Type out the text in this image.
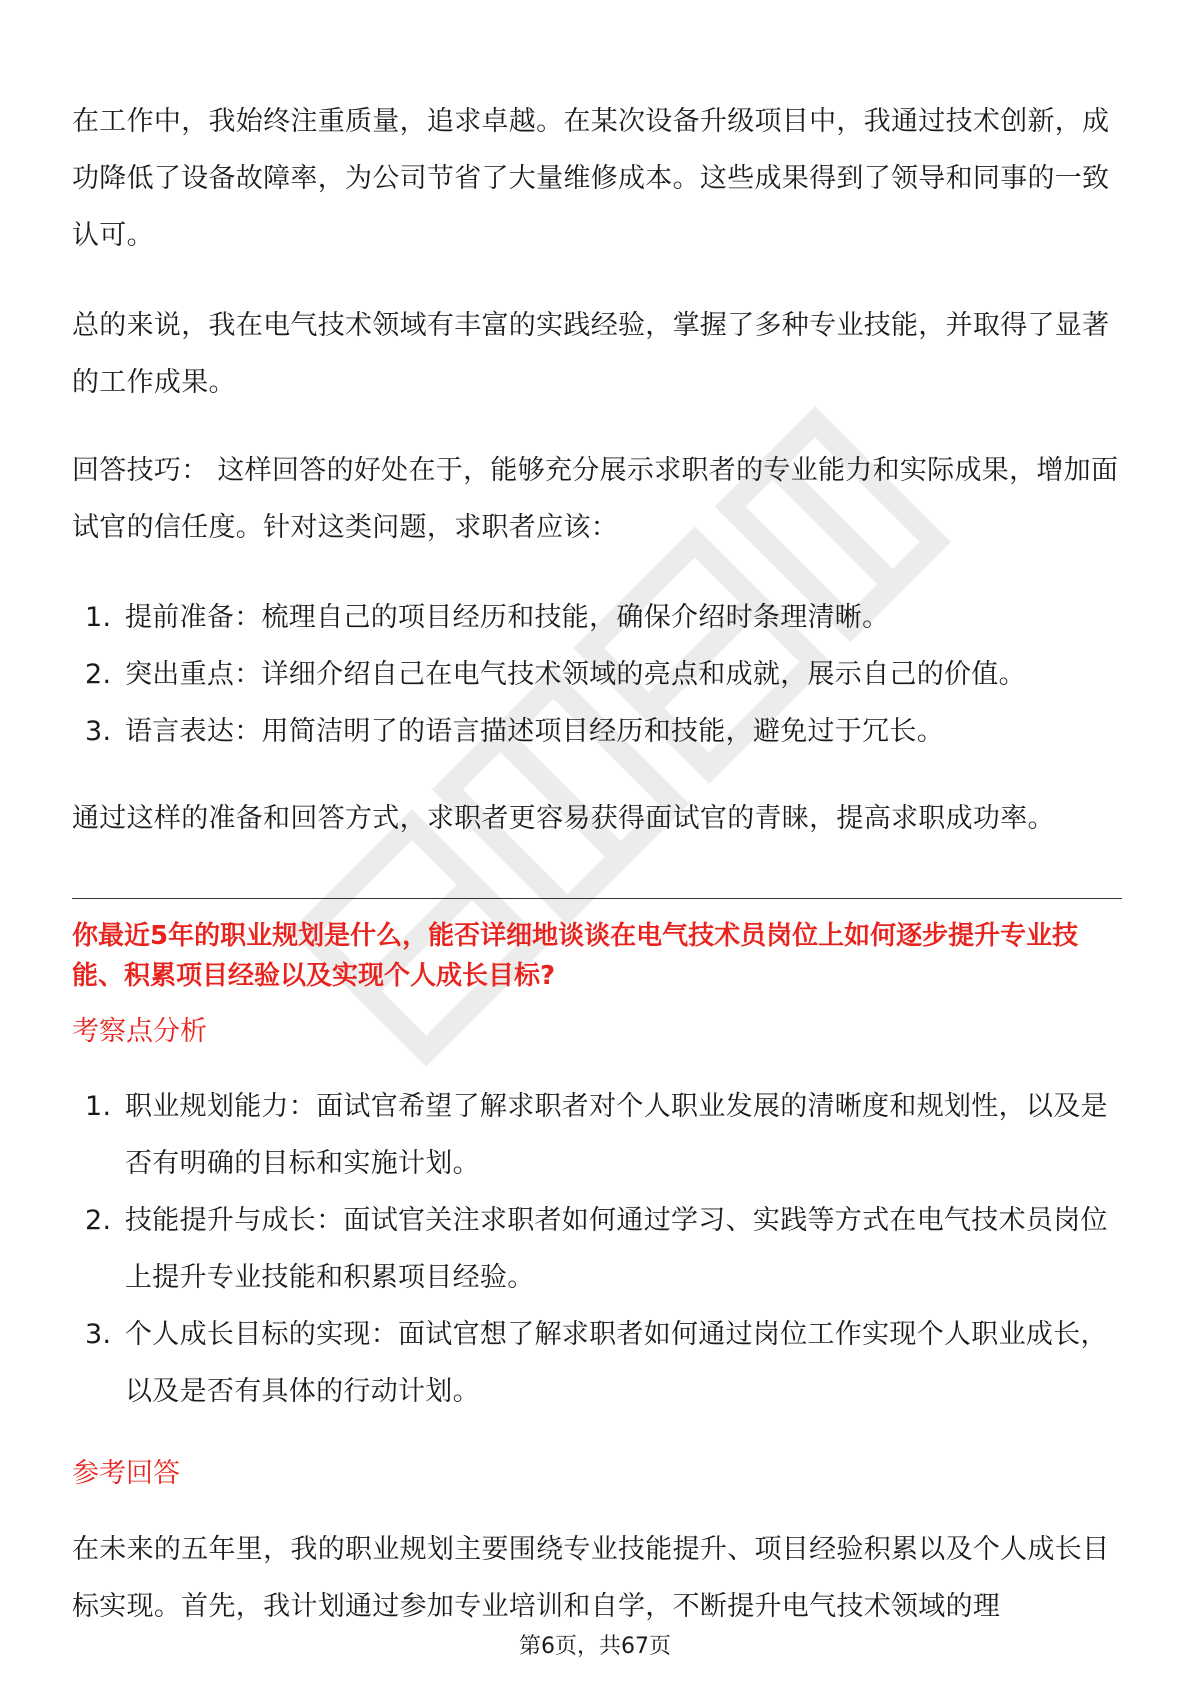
在工作中，我始终注重质量，追求卓越。在某次设备升级项目中，我通过技术创新，成功降低了设备故障率，为公司节省了大量维修成本。这些成果得到了领导和同事的一致认可。

总的来说，我在电气技术领域有丰富的实践经验，掌握了多种专业技能，并取得了显著的工作成果。

回答技巧： 这样回答的好处在于，能够充分展示求职者的专业能力和实际成果，增加面试官的信任度。针对这类问题，求职者应该：

1. 提前准备：梳理自己的项目经历和技能，确保介绍时条理清晰。
2. 突出重点：详细介绍自己在电气技术领域的亮点和成就，展示自己的价值。
3. 语言表达：用简洁明了的语言描述项目经历和技能，避免过于冗长。

通过这样的准备和回答方式，求职者更容易获得面试官的青睐，提高求职成功率。

你最近5年的职业规划是什么，能否详细地谈谈在电气技术员岗位上如何逐步提升专业技能、积累项目经验以及实现个人成长目标?

考察点分析

1. 职业规划能力：面试官希望了解求职者对个人职业发展的清晰度和规划性，以及是否有明确的目标和实施计划。
2. 技能提升与成长：面试官关注求职者如何通过学习、实践等方式在电气技术员岗位上提升专业技能和积累项目经验。
3. 个人成长目标的实现：面试官想了解求职者如何通过岗位工作实现个人职业成长，以及是否有具体的行动计划。

参考回答

在未来的五年里，我的职业规划主要围绕专业技能提升、项目经验积累以及个人成长目标实现。首先，我计划通过参加专业培训和自学，不断提升电气技术领域的理

第6页，共67页
